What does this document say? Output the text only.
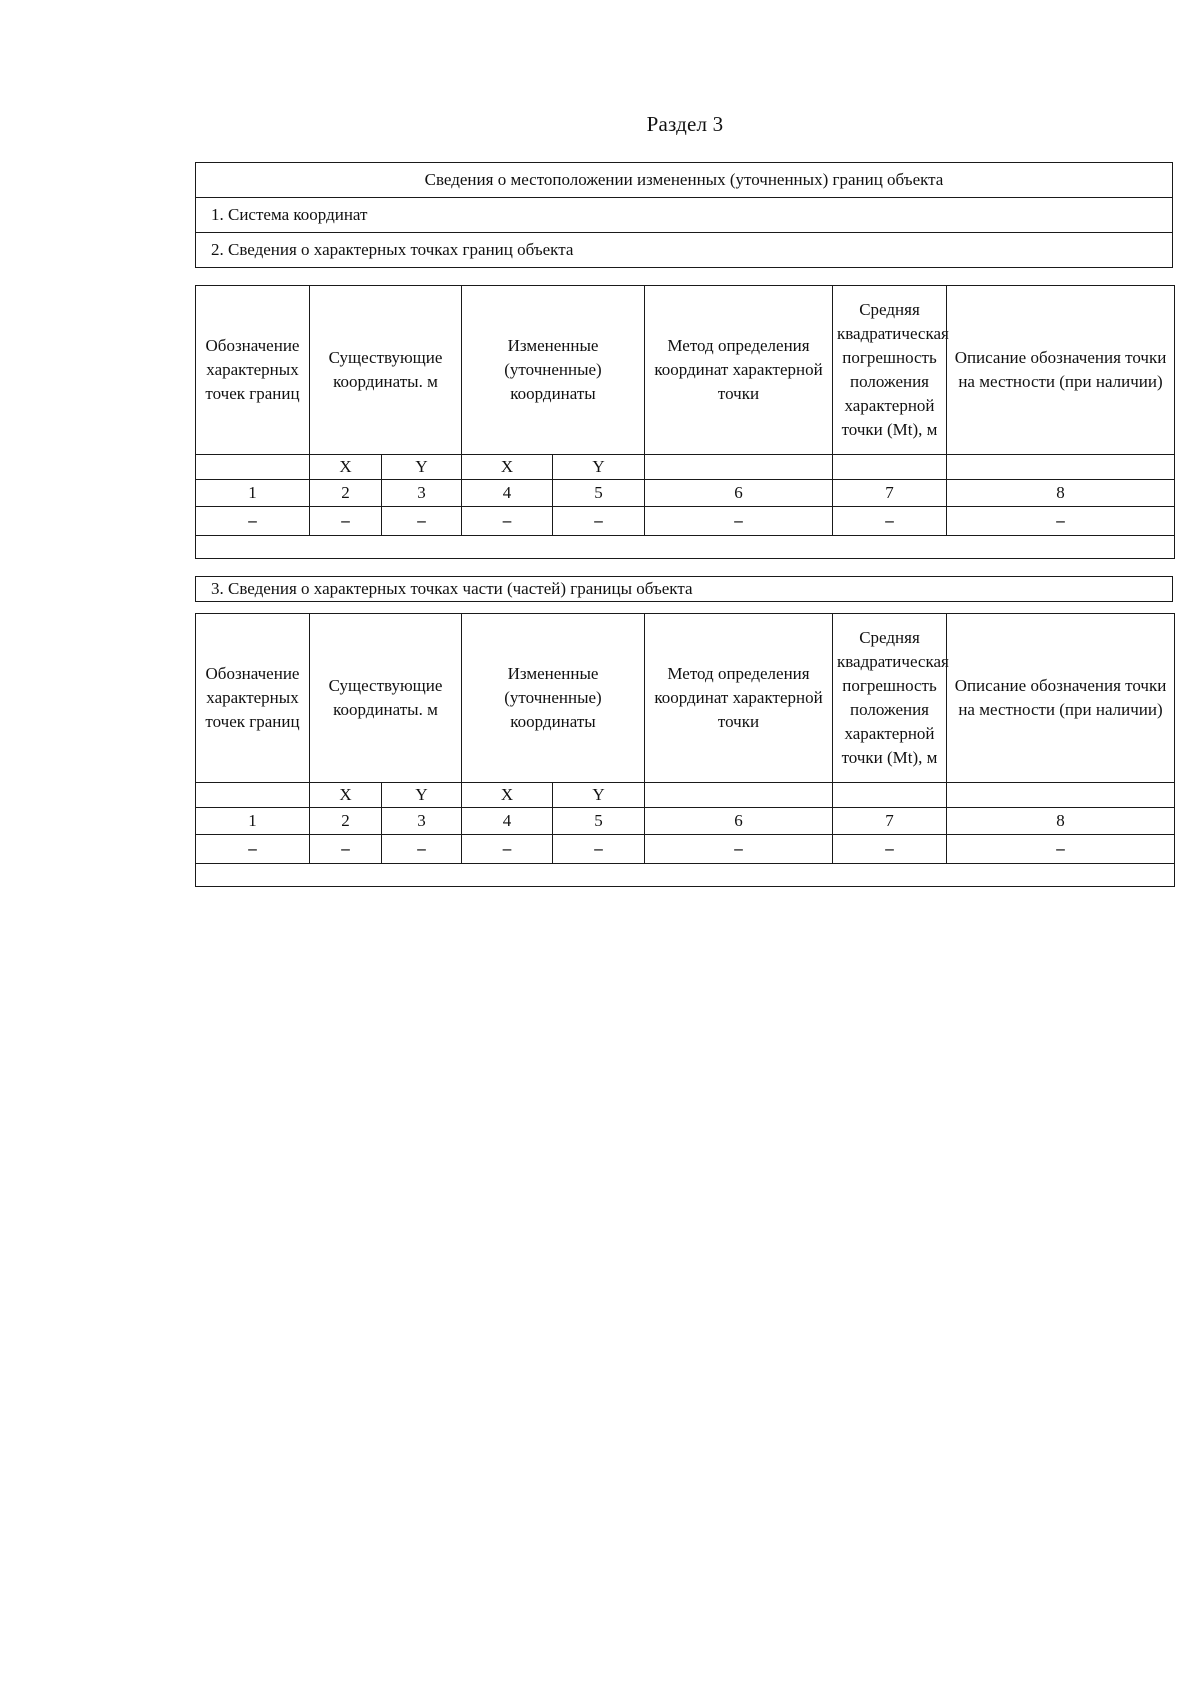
Раздел 3
Сведения о местоположении измененных (уточненных) границ объекта
1. Система координат
2. Сведения о характерных точках границ объекта
Обозначение характерных точек границ	Существующие координаты. м		Измененные (уточненные) координаты		Метод определения координат характерной точки	Средняя квадратическая погрешность положения характерной точки (Mt), м	Описание обозначения точки на местности (при наличии)
	X	Y	X	Y			
1	2	3	4	5	6	7	8
–	–	–	–	–	–	–	–

3. Сведения о характерных точках части (частей) границы объекта
Обозначение характерных точек границ	Существующие координаты. м		Измененные (уточненные) координаты		Метод определения координат характерной точки	Средняя квадратическая погрешность положения характерной точки (Mt), м	Описание обозначения точки на местности (при наличии)
	X	Y	X	Y			
1	2	3	4	5	6	7	8
–	–	–	–	–	–	–	–
